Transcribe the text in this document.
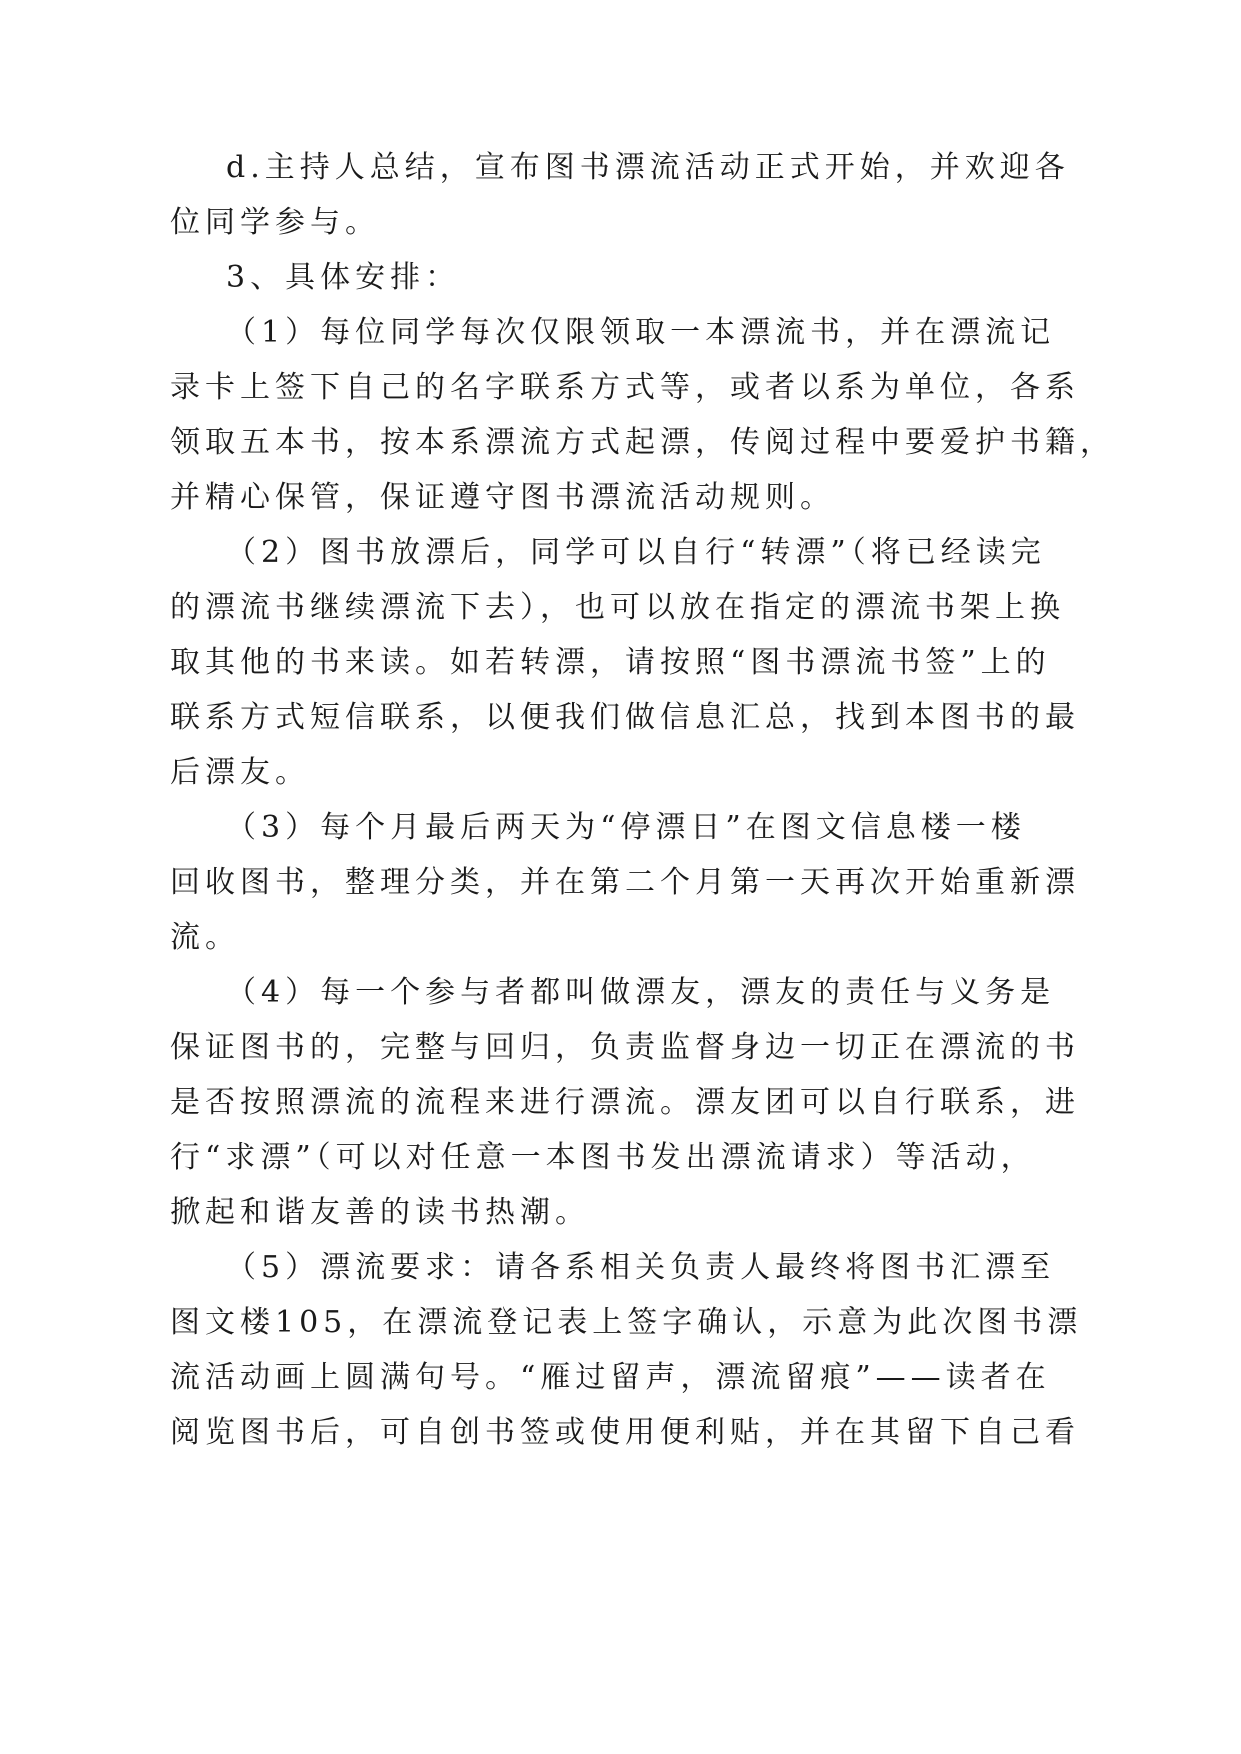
d.主持人总结，宣布图书漂流活动正式开始，并欢迎各
位同学参与。
3、具体安排：
（1）每位同学每次仅限领取一本漂流书，并在漂流记
录卡上签下自己的名字联系方式等，或者以系为单位，各系
领取五本书，按本系漂流方式起漂，传阅过程中要爱护书籍，
并精心保管，保证遵守图书漂流活动规则。
（2）图书放漂后，同学可以自行“转漂”（将已经读完
的漂流书继续漂流下去），也可以放在指定的漂流书架上换
取其他的书来读。如若转漂，请按照“图书漂流书签”上的
联系方式短信联系，以便我们做信息汇总，找到本图书的最
后漂友。
（3）每个月最后两天为“停漂日”在图文信息楼一楼
回收图书，整理分类，并在第二个月第一天再次开始重新漂
流。
（4）每一个参与者都叫做漂友，漂友的责任与义务是
保证图书的，完整与回归，负责监督身边一切正在漂流的书
是否按照漂流的流程来进行漂流。漂友团可以自行联系，进
行“求漂”（可以对任意一本图书发出漂流请求）等活动，
掀起和谐友善的读书热潮。
（5）漂流要求：请各系相关负责人最终将图书汇漂至
图文楼105，在漂流登记表上签字确认，示意为此次图书漂
流活动画上圆满句号。“雁过留声，漂流留痕”——读者在
阅览图书后，可自创书签或使用便利贴，并在其留下自己看
